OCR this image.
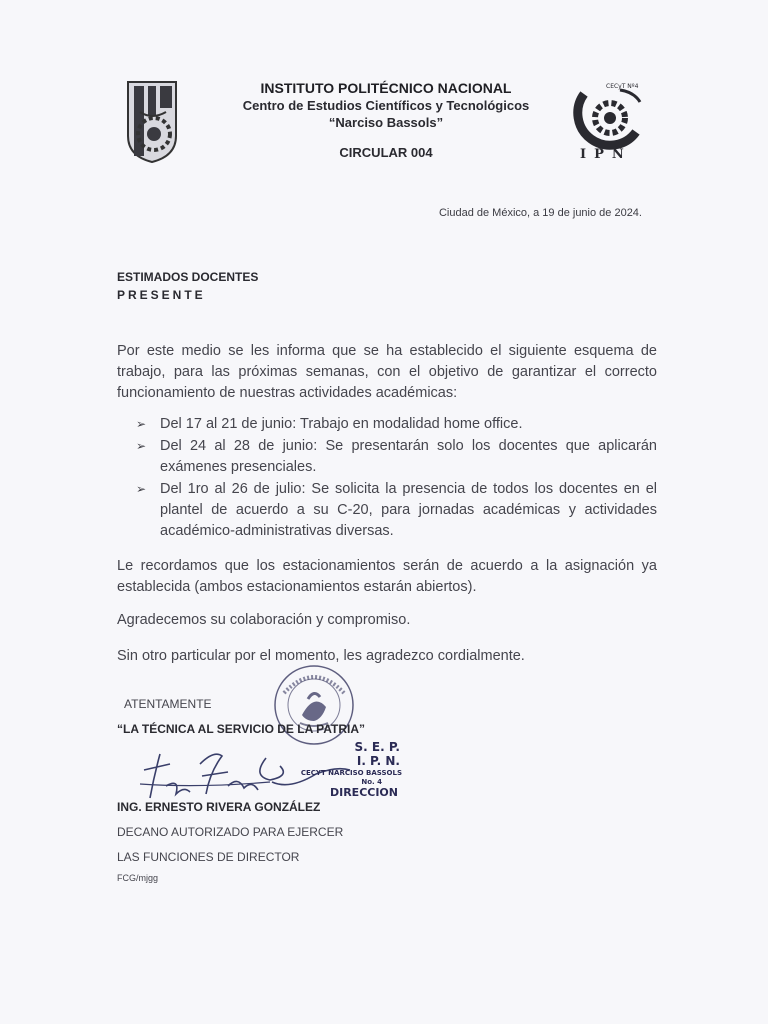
INSTITUTO POLITÉCNICO NACIONAL
Centro de Estudios Científicos y Tecnológicos
“Narciso Bassols”
CIRCULAR 004
CECyT Nº4
IPN
Ciudad de México, a 19 de junio de 2024.
ESTIMADOS DOCENTES
PRESENTE
Por este medio se les informa que se ha establecido el siguiente esquema de trabajo, para las próximas semanas, con el objetivo de garantizar el correcto funcionamiento de nuestras actividades académicas:
➢ Del 17 al 21 de junio: Trabajo en modalidad home office.
➢ Del 24 al 28 de junio: Se presentarán solo los docentes que aplicarán exámenes presenciales.
➢ Del 1ro al 26 de julio: Se solicita la presencia de todos los docentes en el plantel de acuerdo a su C-20, para jornadas académicas y actividades académico-administrativas diversas.
Le recordamos que los estacionamientos serán de acuerdo a la asignación ya establecida (ambos estacionamientos estarán abiertos).
Agradecemos su colaboración y compromiso.
Sin otro particular por el momento, les agradezco cordialmente.
ATENTAMENTE
“LA TÉCNICA AL SERVICIO DE LA PATRIA”
S. E. P.
I. P. N.
CECYT NARCISO BASSOLS
No. 4
DIRECCION
ING. ERNESTO RIVERA GONZÁLEZ
DECANO AUTORIZADO PARA EJERCER
LAS FUNCIONES DE DIRECTOR
FCG/mjgg
